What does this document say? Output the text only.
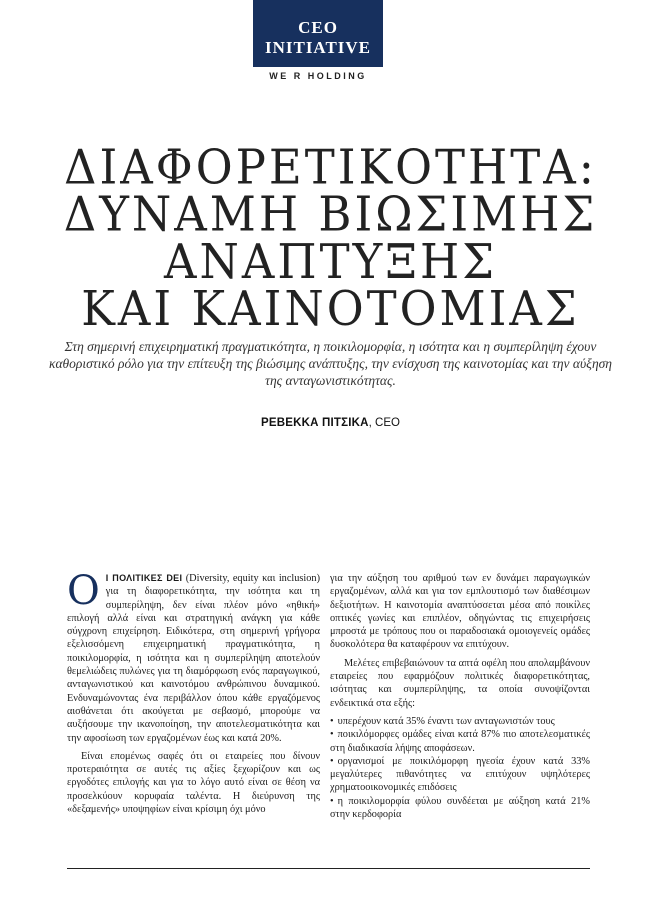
CEO
INITIATIVE
WE R HOLDING
ΔΙΑΦΟΡΕΤΙΚΟΤΗΤΑ:
ΔΥΝΑΜΗ ΒΙΩΣΙΜΗΣ
ΑΝΑΠΤΥΞΗΣ
ΚΑΙ ΚΑΙΝΟΤΟΜΙΑΣ
Στη σημερινή επιχειρηματική πραγματικότητα, η ποικιλομορφία, η ισότητα και η συμπερίληψη έχουν καθοριστικό ρόλο για την επίτευξη της βιώσιμης ανάπτυξης, την ενίσχυση της καινοτομίας και την αύξηση της ανταγωνιστικότητας.
ΡΕΒΕΚΚΑ ΠΙΤΣΙΚΑ, CEO

Ο Ι ΠΟΛΙΤΙΚΕΣ DEI (Diversity, equity και inclusion) για τη διαφορετικότητα, την ισότητα και τη συμπερίληψη, δεν είναι πλέον μόνο «ηθική» επιλογή αλλά είναι και στρατηγική ανάγκη για κάθε σύγχρονη επιχείρηση. Ειδικότερα, στη σημερινή γρήγορα εξελισσόμενη επιχειρηματική πραγματικότητα, η ποικιλομορφία, η ισότητα και η συμπερίληψη αποτελούν θεμελιώδεις πυλώνες για τη διαμόρφωση ενός παραγωγικού, ανταγωνιστικού και καινοτόμου ανθρώπινου δυναμικού. Ενδυναμώνοντας ένα περιβάλλον όπου κάθε εργαζόμενος αισθάνεται ότι ακούγεται με σεβασμό, μπορούμε να αυξήσουμε την ικανοποίηση, την αποτελεσματικότητα και την αφοσίωση των εργαζομένων έως και κατά 20%.

Είναι επομένως σαφές ότι οι εταιρείες που δίνουν προτεραιότητα σε αυτές τις αξίες ξεχωρίζουν και ως εργοδότες επιλογής και για το λόγο αυτό είναι σε θέση να προσελκύουν κορυφαία ταλέντα. Η διεύρυνση της «δεξαμενής» υποψηφίων είναι κρίσιμη όχι μόνο

για την αύξηση του αριθμού των εν δυνάμει παραγωγικών εργαζομένων, αλλά και για τον εμπλουτισμό των διαθέσιμων δεξιοτήτων. Η καινοτομία αναπτύσσεται μέσα από ποικίλες οπτικές γωνίες και επιπλέον, οδηγώντας τις επιχειρήσεις μπροστά με τρόπους που οι παραδοσιακά ομοιογενείς ομάδες δυσκολότερα θα καταφέρουν να επιτύχουν.

Μελέτες επιβεβαιώνουν τα απτά οφέλη που απολαμβάνουν εταιρείες που εφαρμόζουν πολιτικές διαφορετικότητας, ισότητας και συμπερίληψης, τα οποία συνοψίζονται ενδεικτικά στα εξής:

• υπερέχουν κατά 35% έναντι των ανταγωνιστών τους
• ποικιλόμορφες ομάδες είναι κατά 87% πιο αποτελεσματικές στη διαδικασία λήψης αποφάσεων.
• οργανισμοί με ποικιλόμορφη ηγεσία έχουν κατά 33% μεγαλύτερες πιθανότητες να επιτύχουν υψηλότερες χρηματοοικονομικές επιδόσεις
• η ποικιλομορφία φύλου συνδέεται με αύξηση κατά 21% στην κερδοφορία
